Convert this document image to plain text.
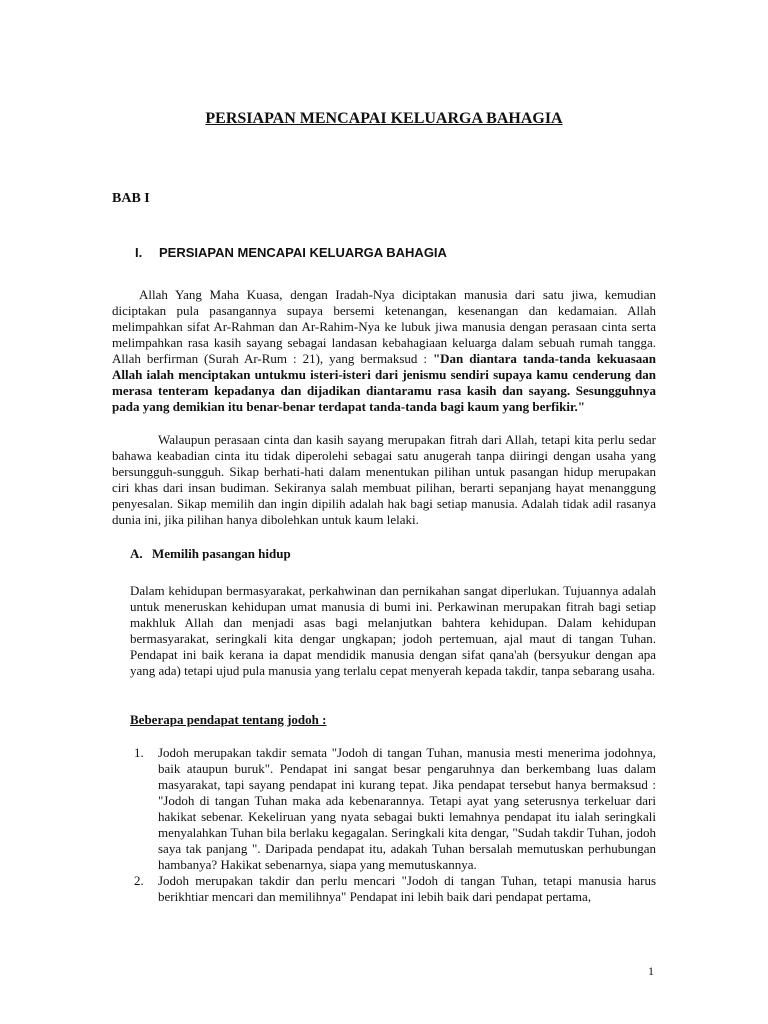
PERSIAPAN MENCAPAI KELUARGA BAHAGIA
BAB I
I. PERSIAPAN MENCAPAI KELUARGA BAHAGIA

Allah Yang Maha Kuasa, dengan Iradah-Nya diciptakan manusia dari satu jiwa, kemudian diciptakan pula pasangannya supaya bersemi ketenangan, kesenangan dan kedamaian. Allah melimpahkan sifat Ar-Rahman dan Ar-Rahim-Nya ke lubuk jiwa manusia dengan perasaan cinta serta melimpahkan rasa kasih sayang sebagai landasan kebahagiaan keluarga dalam sebuah rumah tangga. Allah berfirman (Surah Ar-Rum : 21), yang bermaksud : "Dan diantara tanda-tanda kekuasaan Allah ialah menciptakan untukmu isteri-isteri dari jenismu sendiri supaya kamu cenderung dan merasa tenteram kepadanya dan dijadikan diantaramu rasa kasih dan sayang. Sesungguhnya pada yang demikian itu benar-benar terdapat tanda-tanda bagi kaum yang berfikir."

Walaupun perasaan cinta dan kasih sayang merupakan fitrah dari Allah, tetapi kita perlu sedar bahawa keabadian cinta itu tidak diperolehi sebagai satu anugerah tanpa diiringi dengan usaha yang bersungguh-sungguh. Sikap berhati-hati dalam menentukan pilihan untuk pasangan hidup merupakan ciri khas dari insan budiman. Sekiranya salah membuat pilihan, berarti sepanjang hayat menanggung penyesalan. Sikap memilih dan ingin dipilih adalah hak bagi setiap manusia. Adalah tidak adil rasanya dunia ini, jika pilihan hanya dibolehkan untuk kaum lelaki.

A. Memilih pasangan hidup

Dalam kehidupan bermasyarakat, perkahwinan dan pernikahan sangat diperlukan. Tujuannya adalah untuk meneruskan kehidupan umat manusia di bumi ini. Perkawinan merupakan fitrah bagi setiap makhluk Allah dan menjadi asas bagi melanjutkan bahtera kehidupan. Dalam kehidupan bermasyarakat, seringkali kita dengar ungkapan; jodoh pertemuan, ajal maut di tangan Tuhan. Pendapat ini baik kerana ia dapat mendidik manusia dengan sifat qana'ah (bersyukur dengan apa yang ada) tetapi ujud pula manusia yang terlalu cepat menyerah kepada takdir, tanpa sebarang usaha.

Beberapa pendapat tentang jodoh :
1. Jodoh merupakan takdir semata "Jodoh di tangan Tuhan, manusia mesti menerima jodohnya, baik ataupun buruk". Pendapat ini sangat besar pengaruhnya dan berkembang luas dalam masyarakat, tapi sayang pendapat ini kurang tepat. Jika pendapat tersebut hanya bermaksud : "Jodoh di tangan Tuhan maka ada kebenarannya. Tetapi ayat yang seterusnya terkeluar dari hakikat sebenar. Kekeliruan yang nyata sebagai bukti lemahnya pendapat itu ialah seringkali menyalahkan Tuhan bila berlaku kegagalan. Seringkali kita dengar, "Sudah takdir Tuhan, jodoh saya tak panjang ". Daripada pendapat itu, adakah Tuhan bersalah memutuskan perhubungan hambanya? Hakikat sebenarnya, siapa yang memutuskannya.
2. Jodoh merupakan takdir dan perlu mencari "Jodoh di tangan Tuhan, tetapi manusia harus berikhtiar mencari dan memilihnya" Pendapat ini lebih baik dari pendapat pertama,
1
